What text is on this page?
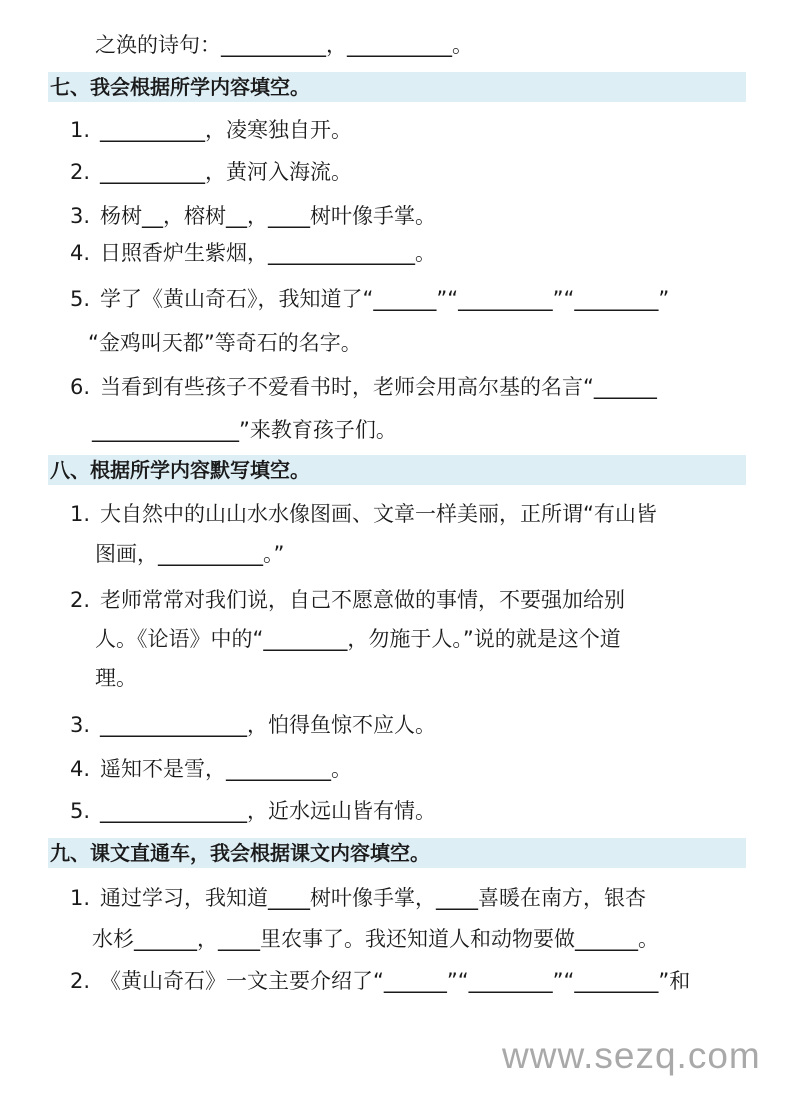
之涣的诗句：__________，__________。
七、我会根据所学内容填空。
1. __________，凌寒独自开。
2. __________，黄河入海流。
3. 杨树__，榕树__，____树叶像手掌。
4. 日照香炉生紫烟，______________。
5. 学了《黄山奇石》，我知道了“______”“_________”“________”
“金鸡叫天都”等奇石的名字。
6. 当看到有些孩子不爱看书时，老师会用高尔基的名言“______
______________”来教育孩子们。
八、根据所学内容默写填空。
1. 大自然中的山山水水像图画、文章一样美丽，正所谓“有山皆
图画，__________。”
2. 老师常常对我们说，自己不愿意做的事情，不要强加给别
人。《论语》中的“________，勿施于人。”说的就是这个道
理。
3. ______________，怕得鱼惊不应人。
4. 遥知不是雪，__________。
5. ______________，近水远山皆有情。
九、课文直通车，我会根据课文内容填空。
1. 通过学习，我知道____树叶像手掌，____喜暖在南方，银杏
水杉______，____里农事了。我还知道人和动物要做______。
2. 《黄山奇石》一文主要介绍了“______”“________”“________”和
www.sezq.com
